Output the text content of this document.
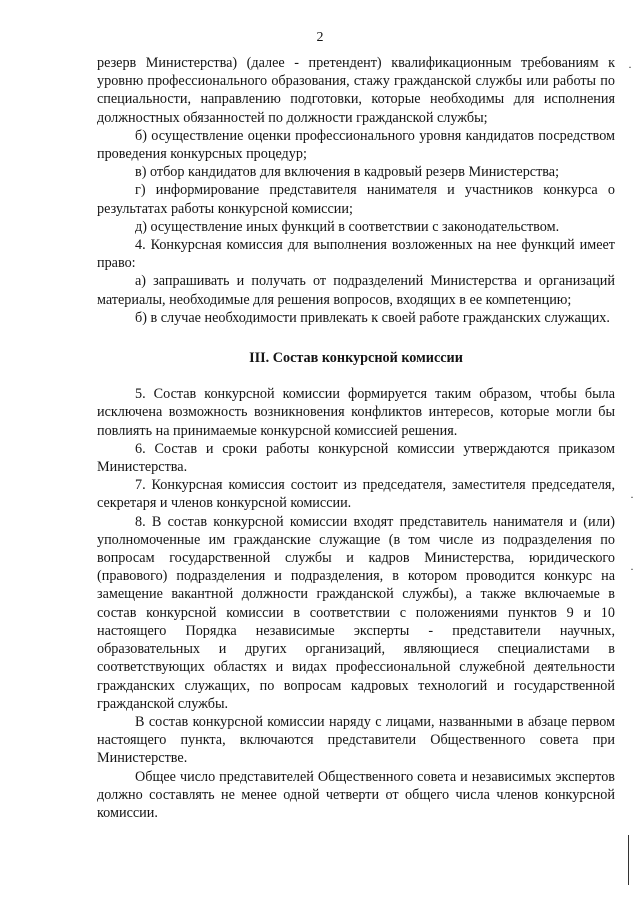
2

резерв Министерства) (далее - претендент) квалификационным требованиям к уровню профессионального образования, стажу гражданской службы или работы по специальности, направлению подготовки, которые необходимы для исполнения должностных обязанностей по должности гражданской службы;

б) осуществление оценки профессионального уровня кандидатов посредством проведения конкурсных процедур;

в) отбор кандидатов для включения в кадровый резерв Министерства;

г) информирование представителя нанимателя и участников конкурса о результатах работы конкурсной комиссии;

д) осуществление иных функций в соответствии с законодательством.

4. Конкурсная комиссия для выполнения возложенных на нее функций имеет право:

а) запрашивать и получать от подразделений Министерства и организаций материалы, необходимые для решения вопросов, входящих в ее компетенцию;

б) в случае необходимости привлекать к своей работе гражданских служащих.

III. Состав конкурсной комиссии

5. Состав конкурсной комиссии формируется таким образом, чтобы была исключена возможность возникновения конфликтов интересов, которые могли бы повлиять на принимаемые конкурсной комиссией решения.

6. Состав и сроки работы конкурсной комиссии утверждаются приказом Министерства.

7. Конкурсная комиссия состоит из председателя, заместителя председателя, секретаря и членов конкурсной комиссии.

8. В состав конкурсной комиссии входят представитель нанимателя и (или) уполномоченные им гражданские служащие (в том числе из подразделения по вопросам государственной службы и кадров Министерства, юридического (правового) подразделения и подразделения, в котором проводится конкурс на замещение вакантной должности гражданской службы), а также включаемые в состав конкурсной комиссии в соответствии с положениями пунктов 9 и 10 настоящего Порядка независимые эксперты - представители научных, образовательных и других организаций, являющиеся специалистами в соответствующих областях и видах профессиональной служебной деятельности гражданских служащих, по вопросам кадровых технологий и государственной гражданской службы.

В состав конкурсной комиссии наряду с лицами, названными в абзаце первом настоящего пункта, включаются представители Общественного совета при Министерстве.

Общее число представителей Общественного совета и независимых экспертов должно составлять не менее одной четверти от общего числа членов конкурсной комиссии.

·
·
·
